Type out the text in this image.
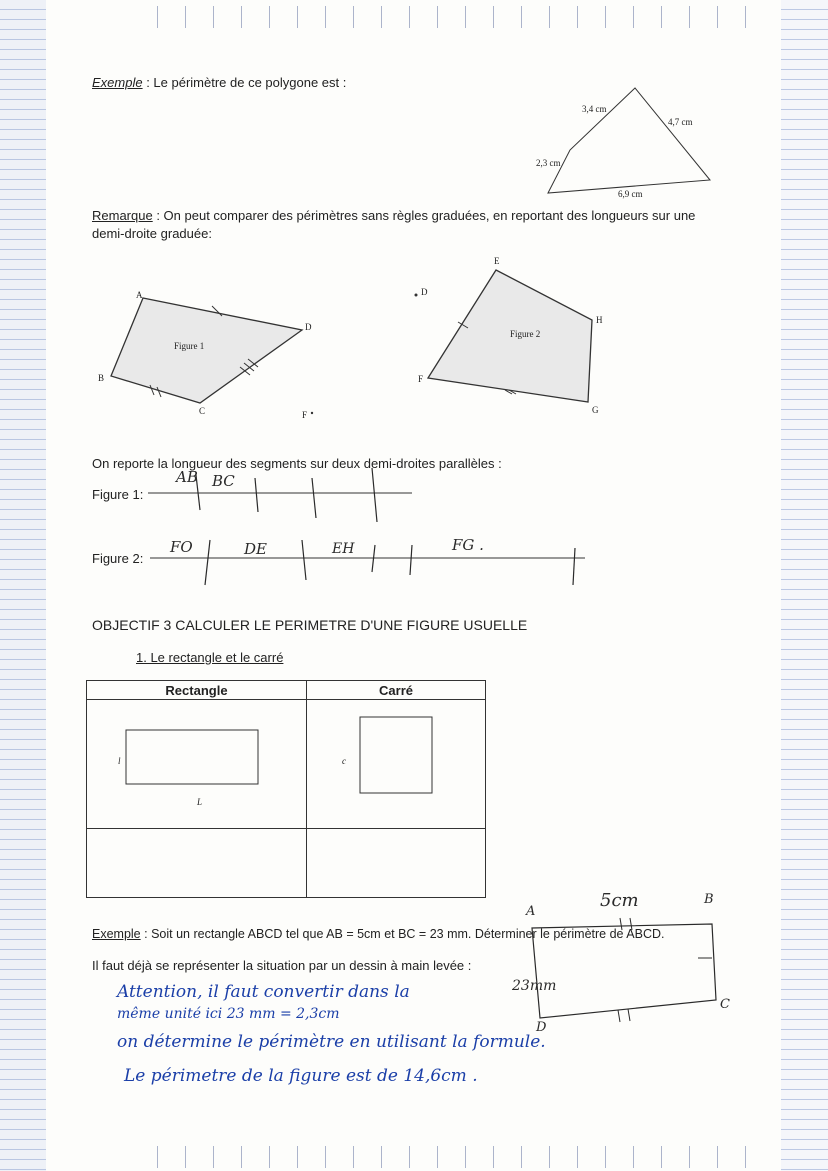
Exemple : Le périmètre de ce polygone est :
3,4 cm
4,7 cm
2,3 cm
6,9 cm
Remarque : On peut comparer des périmètres sans règles graduées, en reportant des longueurs sur une
demi-droite graduée:
Figure 1
A
B
C
D
F
Figure 2
E
H
G
F
D
On reporte la longueur des segments sur deux demi-droites parallèles :
Figure 1:
Figure 2:
AB BC
FO	DE	EH	FG .
OBJECTIF 3 CALCULER LE PERIMETRE D'UNE FIGURE USUELLE
1. Le rectangle et le carré
Rectangle	Carré

l
L
c
Exemple : Soit un rectangle ABCD tel que AB = 5cm et BC = 23 mm. Déterminer le périmètre de ABCD.
Il faut déjà se représenter la situation par un dessin à main levée :
5cm
23mm
A
B
C
D
Attention, il faut convertir dans la
même unité ici 23 mm = 2,3cm
on détermine le périmètre en utilisant la formule.
Le périmetre de la figure est de 14,6cm .
